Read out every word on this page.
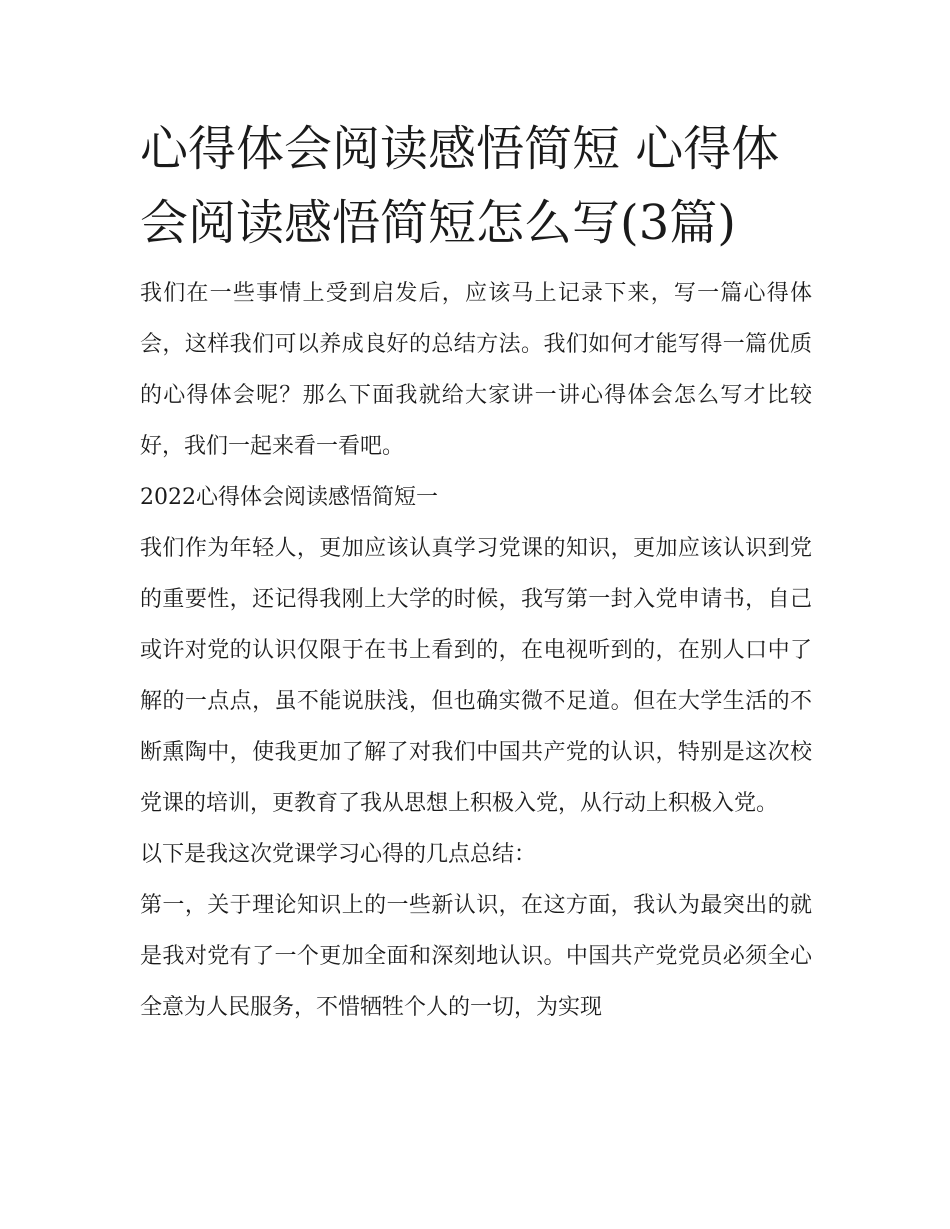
心得体会阅读感悟简短 心得体会阅读感悟简短怎么写(3篇)

我们在一些事情上受到启发后，应该马上记录下来，写一篇心得体会，这样我们可以养成良好的总结方法。我们如何才能写得一篇优质的心得体会呢？那么下面我就给大家讲一讲心得体会怎么写才比较好，我们一起来看一看吧。

2022心得体会阅读感悟简短一

我们作为年轻人，更加应该认真学习党课的知识，更加应该认识到党的重要性，还记得我刚上大学的时候，我写第一封入党申请书，自己或许对党的认识仅限于在书上看到的，在电视听到的，在别人口中了解的一点点，虽不能说肤浅，但也确实微不足道。但在大学生活的不断熏陶中，使我更加了解了对我们中国共产党的认识，特别是这次校党课的培训，更教育了我从思想上积极入党，从行动上积极入党。

以下是我这次党课学习心得的几点总结：

第一，关于理论知识上的一些新认识，在这方面，我认为最突出的就是我对党有了一个更加全面和深刻地认识。中国共产党党员必须全心全意为人民服务，不惜牺牲个人的一切，为实现
